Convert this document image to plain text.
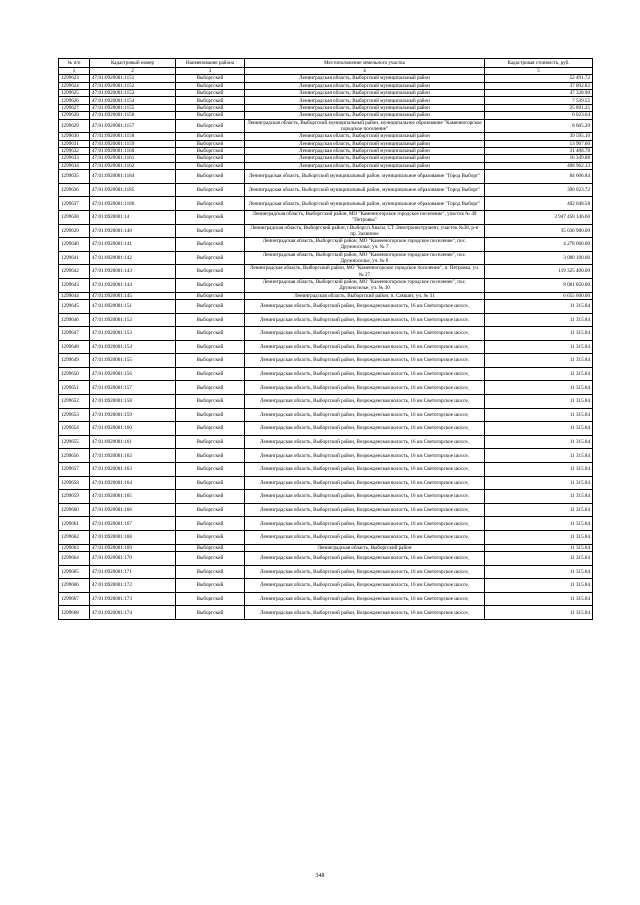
№ п/п	Кадастровый номер	Наименование района	Местоположение земельного участка	Кадастровая стоимость, руб.
1	2	3	4	5
1299623	47:01:0920001:1151	Выборгский	Ленинградская область, Выборгский муниципальный район	52 491.72
1299624	47:01:0920001:1152	Выборгский	Ленинградская область, Выборгский муниципальный район	37 892.83
1299625	47:01:0920001:1153	Выборгский	Ленинградская область, Выборгский муниципальный район	47 328.90
1299626	47:01:0920001:1154	Выборгский	Ленинградская область, Выборгский муниципальный район	7 539.55
1299627	47:01:0920001:1155	Выборгский	Ленинградская область, Выборгский муниципальный район	25 891.25
1299628	47:01:0920001:1156	Выборгский	Ленинградская область, Выборгский муниципальный район	6 023.64
1299629	47:01:0920001:1157	Выборгский	Ленинградская область, Выборгский муниципальный район, муниципальное образование "Каменногорское городское поселение"	8 605.20
1299630	47:01:0920001:1158	Выборгский	Ленинградская область, Выборгский муниципальный район	39 595.10
1299631	47:01:0920001:1159	Выборгский	Ленинградская область, Выборгский муниципальный район	13 907.60
1299632	47:01:0920001:1160	Выборгский	Ленинградская область, Выборгский муниципальный район	31 408.78
1299633	47:01:0920001:1161	Выборгский	Ленинградская область, Выборгский муниципальный район	16 349.88
1299634	47:01:0920001:1162	Выборгский	Ленинградская область, Выборгский муниципальный район	408 962.13
1299635	47:01:0920001:1184	Выборгский	Ленинградская область, Выборгский муниципальный район, муниципальное образование "Город Выборг"	84 606.84
1299636	47:01:0920001:1185	Выборгский	Ленинградская область, Выборгский муниципальный район, муниципальное образование "Город Выборг"	390 023.72
1299637	47:01:0920001:1186	Выборгский	Ленинградская область, Выборгский муниципальный район, муниципальное образование "Город Выборг"	402 048.58
1299638	47:01:0920001:14	Выборгский	Ленинградская область, Выборгский район, МО "Каменногорское городское поселение", участок № 49 "Петровка"	3 947 450 146.60
1299639	47:01:0920001:140	Выборгский	Ленинградская область, Выборгский район, г.Выборг,п.Хвагы, СТ Электроинструмент, участок №38, р-н пр. Залинное	35 036 980.00
1299640	47:01:0920001:141	Выборгский	Ленинградская область, Выборгский район, МО "Каменногорское городское поселение", пос. Дружноселье, уч. № 7	4 278 600.00
1299641	47:01:0920001:142	Выборгский	Ленинградская область, Выборгский район, МО "Каменногорское городское поселение", пос. Дружноселье, уч. № 8	3 080 100.00
1299642	47:01:0920001:143	Выборгский	Ленинградская область, Выборгский район, МО "Каменногорское городское поселение", п. Петровка, уч. № 27	119 325 400.00
1299643	47:01:0920001:144	Выборгский	Ленинградская область, Выборгский район, МО "Каменногорское городское поселение", пос. Дружноселье, уч. № 30	8 081 850.00
1299644	47:01:0920001:145	Выборгский	Ленинградская область, Выборгский район, п. Самшит, уч. № 31	6 655 600.00
1299645	47:01:0920001:151	Выборгский	Ленинградская область, Выборгский район, Возрожденская волость, 16 км Светогорское шоссе,	11 315.84
1299646	47:01:0920001:152	Выборгский	Ленинградская область, Выборгский район, Возрожденская волость, 16 км Светогорское шоссе,	11 315.84
1299647	47:01:0920001:153	Выборгский	Ленинградская область, Выборгский район, Возрожденская волость, 16 км Светогорское шоссе,	11 315.84
1299648	47:01:0920001:154	Выборгский	Ленинградская область, Выборгский район, Возрожденская волость, 16 км Светогорское шоссе,	11 315.84
1299649	47:01:0920001:155	Выборгский	Ленинградская область, Выборгский район, Возрожденская волость, 16 км Светогорское шоссе,	11 315.84
1299650	47:01:0920001:156	Выборгский	Ленинградская область, Выборгский район, Возрожденская волость, 16 км Светогорское шоссе,	11 315.84
1299651	47:01:0920001:157	Выборгский	Ленинградская область, Выборгский район, Возрожденская волость, 16 км Светогорское шоссе,	11 315.84
1299652	47:01:0920001:158	Выборгский	Ленинградская область, Выборгский район, Возрожденская волость, 16 км Светогорское шоссе,	11 315.84
1299653	47:01:0920001:159	Выборгский	Ленинградская область, Выборгский район, Возрожденская волость, 16 км Светогорское шоссе,	11 315.84
1299654	47:01:0920001:160	Выборгский	Ленинградская область, Выборгский район, Возрожденская волость, 16 км Светогорское шоссе,	11 315.84
1299655	47:01:0920001:161	Выборгский	Ленинградская область, Выборгский район, Возрожденская волость, 16 км Светогорское шоссе,	11 315.84
1299656	47:01:0920001:162	Выборгский	Ленинградская область, Выборгский район, Возрожденская волость, 16 км Светогорское шоссе,	11 315.84
1299657	47:01:0920001:163	Выборгский	Ленинградская область, Выборгский район, Возрожденская волость, 16 км Светогорское шоссе,	11 315.84
1299658	47:01:0920001:164	Выборгский	Ленинградская область, Выборгский район, Возрожденская волость, 16 км Светогорское шоссе,	11 315.84
1299659	47:01:0920001:165	Выборгский	Ленинградская область, Выборгский район, Возрожденская волость, 16 км Светогорское шоссе,	11 315.84
1299660	47:01:0920001:166	Выборгский	Ленинградская область, Выборгский район, Возрожденская волость, 16 км Светогорское шоссе,	11 315.84
1299661	47:01:0920001:167	Выборгский	Ленинградская область, Выборгский район, Возрожденская волость, 16 км Светогорское шоссе,	11 315.84
1299662	47:01:0920001:168	Выборгский	Ленинградская область, Выборгский район, Возрожденская волость, 16 км Светогорское шоссе,	11 315.84
1299663	47:01:0920001:169	Выборгский	Ленинградская область, Выборгский район	11 315.84
1299664	47:01:0920001:170	Выборгский	Ленинградская область, Выборгский район, Возрожденская волость, 16 км Светогорское шоссе,	11 315.84
1299665	47:01:0920001:171	Выборгский	Ленинградская область, Выборгский район, Возрожденская волость, 16 км Светогорское шоссе,	11 315.84
1299666	47:01:0920001:172	Выборгский	Ленинградская область, Выборгский район, Возрожденская волость, 16 км Светогорское шоссе,	11 315.84
1299667	47:01:0920001:173	Выборгский	Ленинградская область, Выборгский район, Возрожденская волость, 16 км Светогорское шоссе,	11 315.84
1299668	47:01:0920001:174	Выборгский	Ленинградская область, Выборгский район, Возрожденская волость, 16 км Светогорское шоссе,	11 315.84
348
